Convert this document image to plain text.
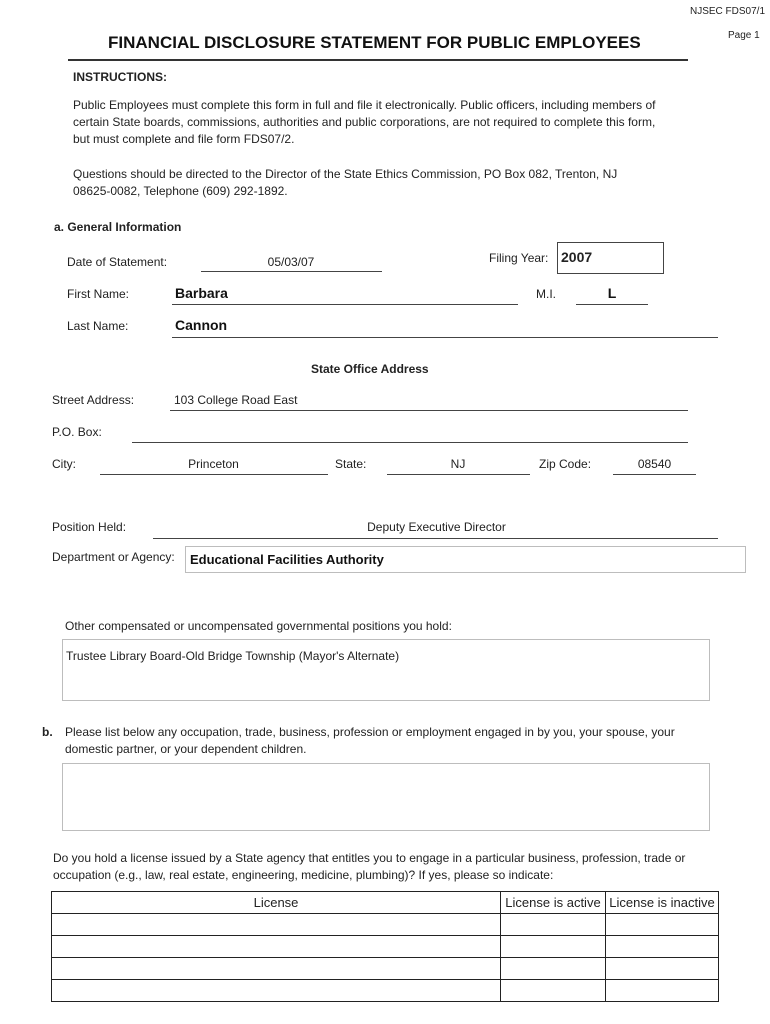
NJSEC FDS07/1
Page 1
FINANCIAL DISCLOSURE STATEMENT FOR PUBLIC EMPLOYEES
INSTRUCTIONS:
Public Employees must complete this form in full and file it electronically. Public officers, including members of
certain State boards, commissions, authorities and public corporations, are not required to complete this form,
but must complete and file form FDS07/2.
Questions should be directed to the Director of the State Ethics Commission, PO Box 082, Trenton, NJ
08625-0082, Telephone (609) 292-1892.
a. General Information
Date of Statement:	05/03/07	Filing Year: 2007
First Name:	Barbara	M.I.	L
Last Name:	Cannon
State Office Address
Street Address:	103 College Road East
P.O. Box:
City:	Princeton	State:	NJ	Zip Code:	08540
Position Held:	Deputy Executive Director
Department or Agency: Educational Facilities Authority
Other compensated or uncompensated governmental positions you hold:
Trustee Library Board-Old Bridge Township (Mayor's Alternate)
b. Please list below any occupation, trade, business, profession or employment engaged in by you, your spouse, your
domestic partner, or your dependent children.
Do you hold a license issued by a State agency that entitles you to engage in a particular business, profession, trade or
occupation (e.g., law, real estate, engineering, medicine, plumbing)? If yes, please so indicate:
License	License is active	License is inactive
